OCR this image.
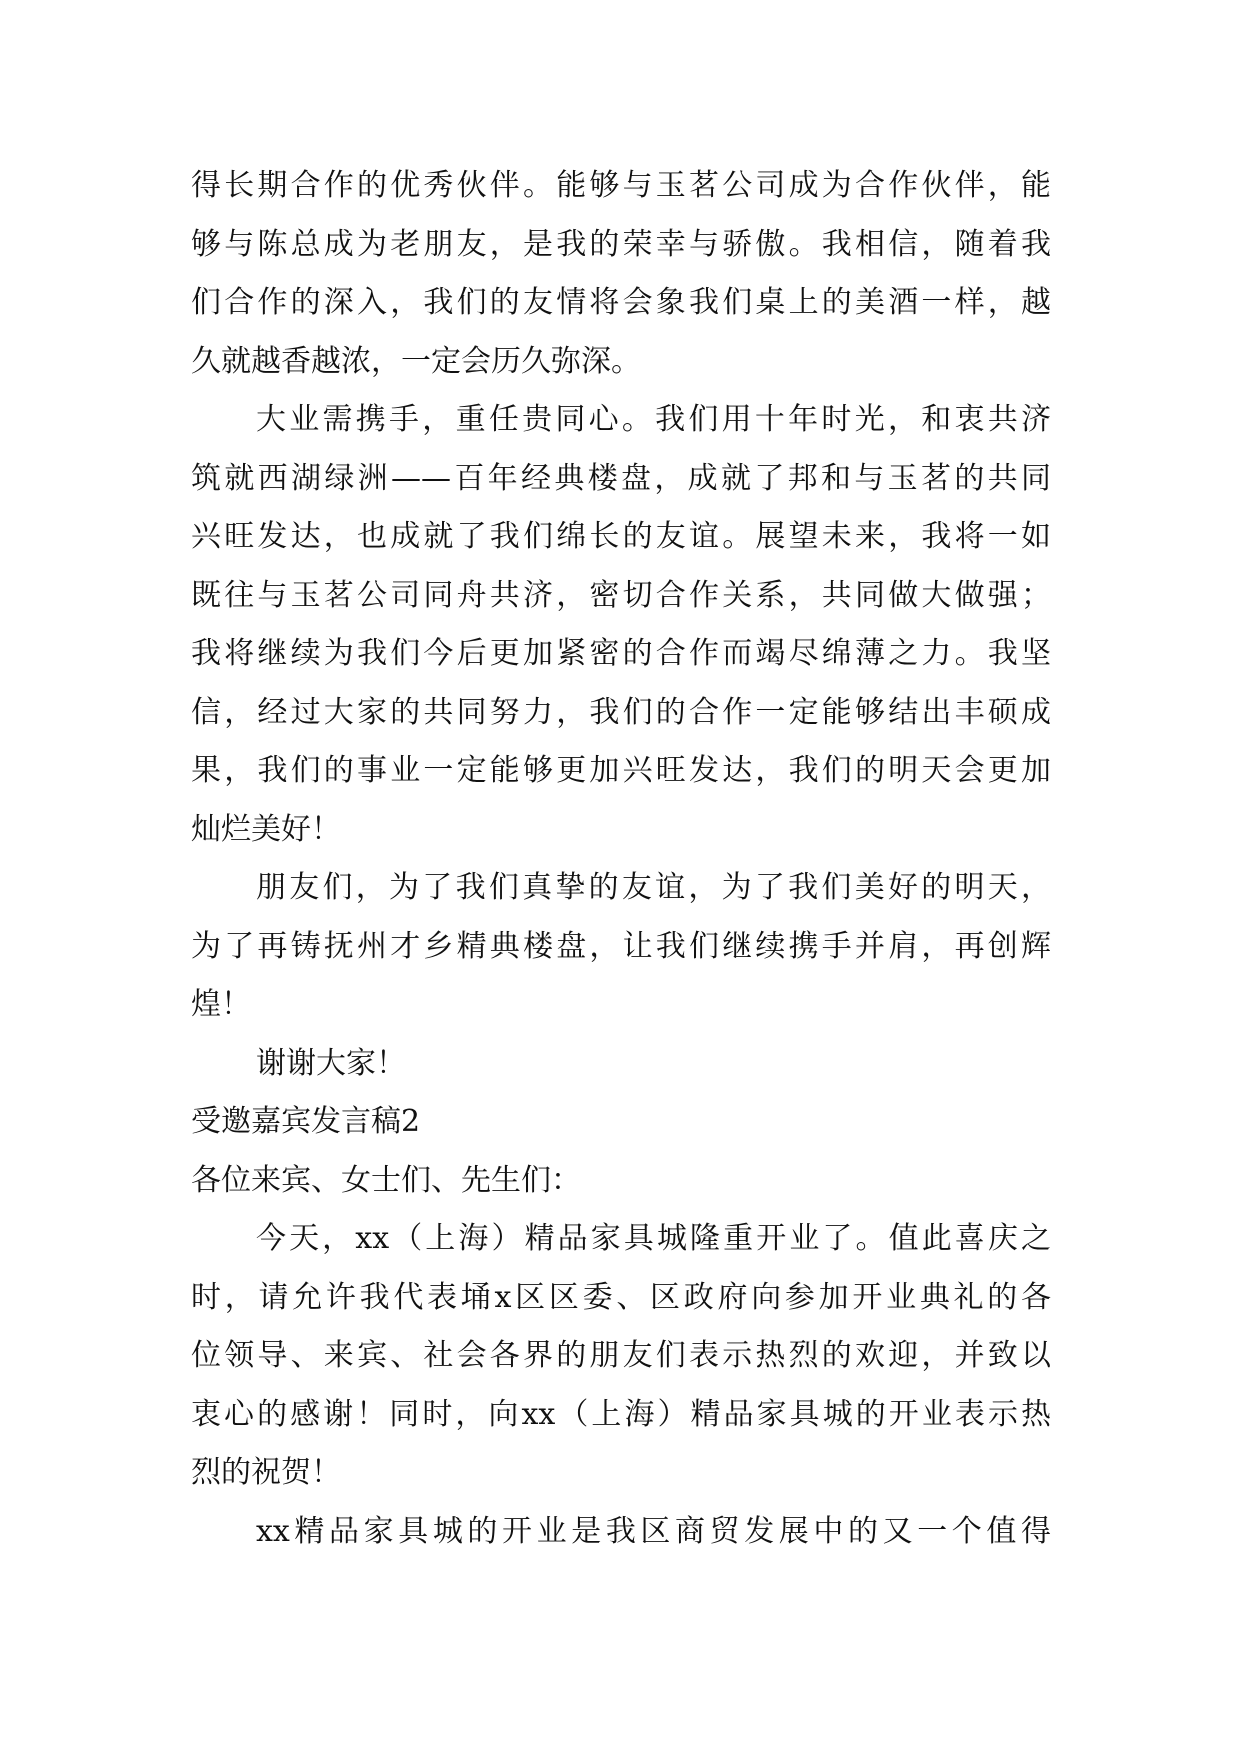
得长期合作的优秀伙伴。能够与玉茗公司成为合作伙伴，能
够与陈总成为老朋友，是我的荣幸与骄傲。我相信，随着我
们合作的深入，我们的友情将会象我们桌上的美酒一样，越
久就越香越浓，一定会历久弥深。
大业需携手，重任贵同心。我们用十年时光，和衷共济
筑就西湖绿洲——百年经典楼盘，成就了邦和与玉茗的共同
兴旺发达，也成就了我们绵长的友谊。展望未来，我将一如
既往与玉茗公司同舟共济，密切合作关系，共同做大做强；
我将继续为我们今后更加紧密的合作而竭尽绵薄之力。我坚
信，经过大家的共同努力，我们的合作一定能够结出丰硕成
果，我们的事业一定能够更加兴旺发达，我们的明天会更加
灿烂美好！
朋友们，为了我们真挚的友谊，为了我们美好的明天，
为了再铸抚州才乡精典楼盘，让我们继续携手并肩，再创辉
煌！
谢谢大家！
受邀嘉宾发言稿2
各位来宾、女士们、先生们：
今天，xx（上海）精品家具城隆重开业了。值此喜庆之
时，请允许我代表埇x区区委、区政府向参加开业典礼的各
位领导、来宾、社会各界的朋友们表示热烈的欢迎，并致以
衷心的感谢！同时，向xx（上海）精品家具城的开业表示热
烈的祝贺！
xx精品家具城的开业是我区商贸发展中的又一个值得
